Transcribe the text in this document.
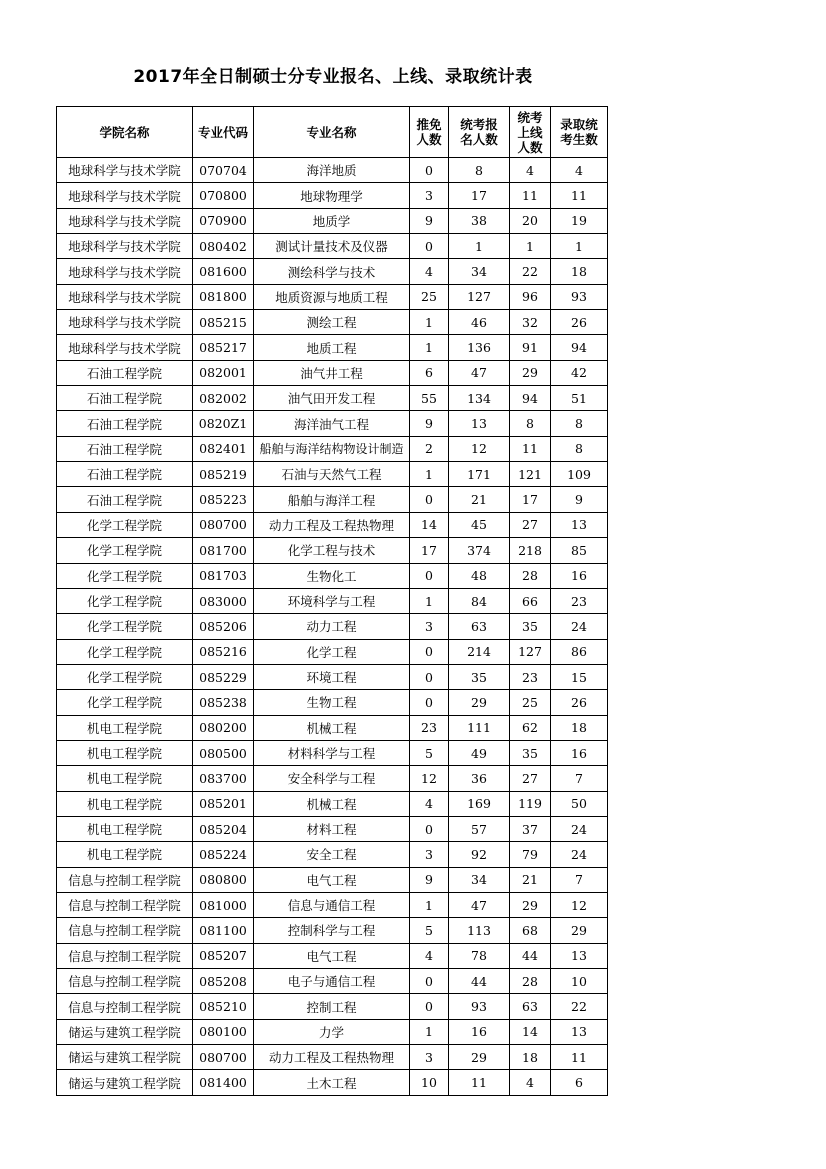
2017年全日制硕士分专业报名、上线、录取统计表
学院名称	专业代码	专业名称	推免人数	统考报名人数	统考上线人数	录取统考生数
地球科学与技术学院	070704	海洋地质	0	8	4	4
地球科学与技术学院	070800	地球物理学	3	17	11	11
地球科学与技术学院	070900	地质学	9	38	20	19
地球科学与技术学院	080402	测试计量技术及仪器	0	1	1	1
地球科学与技术学院	081600	测绘科学与技术	4	34	22	18
地球科学与技术学院	081800	地质资源与地质工程	25	127	96	93
地球科学与技术学院	085215	测绘工程	1	46	32	26
地球科学与技术学院	085217	地质工程	1	136	91	94
石油工程学院	082001	油气井工程	6	47	29	42
石油工程学院	082002	油气田开发工程	55	134	94	51
石油工程学院	0820Z1	海洋油气工程	9	13	8	8
石油工程学院	082401	船舶与海洋结构物设计制造	2	12	11	8
石油工程学院	085219	石油与天然气工程	1	171	121	109
石油工程学院	085223	船舶与海洋工程	0	21	17	9
化学工程学院	080700	动力工程及工程热物理	14	45	27	13
化学工程学院	081700	化学工程与技术	17	374	218	85
化学工程学院	081703	生物化工	0	48	28	16
化学工程学院	083000	环境科学与工程	1	84	66	23
化学工程学院	085206	动力工程	3	63	35	24
化学工程学院	085216	化学工程	0	214	127	86
化学工程学院	085229	环境工程	0	35	23	15
化学工程学院	085238	生物工程	0	29	25	26
机电工程学院	080200	机械工程	23	111	62	18
机电工程学院	080500	材料科学与工程	5	49	35	16
机电工程学院	083700	安全科学与工程	12	36	27	7
机电工程学院	085201	机械工程	4	169	119	50
机电工程学院	085204	材料工程	0	57	37	24
机电工程学院	085224	安全工程	3	92	79	24
信息与控制工程学院	080800	电气工程	9	34	21	7
信息与控制工程学院	081000	信息与通信工程	1	47	29	12
信息与控制工程学院	081100	控制科学与工程	5	113	68	29
信息与控制工程学院	085207	电气工程	4	78	44	13
信息与控制工程学院	085208	电子与通信工程	0	44	28	10
信息与控制工程学院	085210	控制工程	0	93	63	22
储运与建筑工程学院	080100	力学	1	16	14	13
储运与建筑工程学院	080700	动力工程及工程热物理	3	29	18	11
储运与建筑工程学院	081400	土木工程	10	11	4	6
